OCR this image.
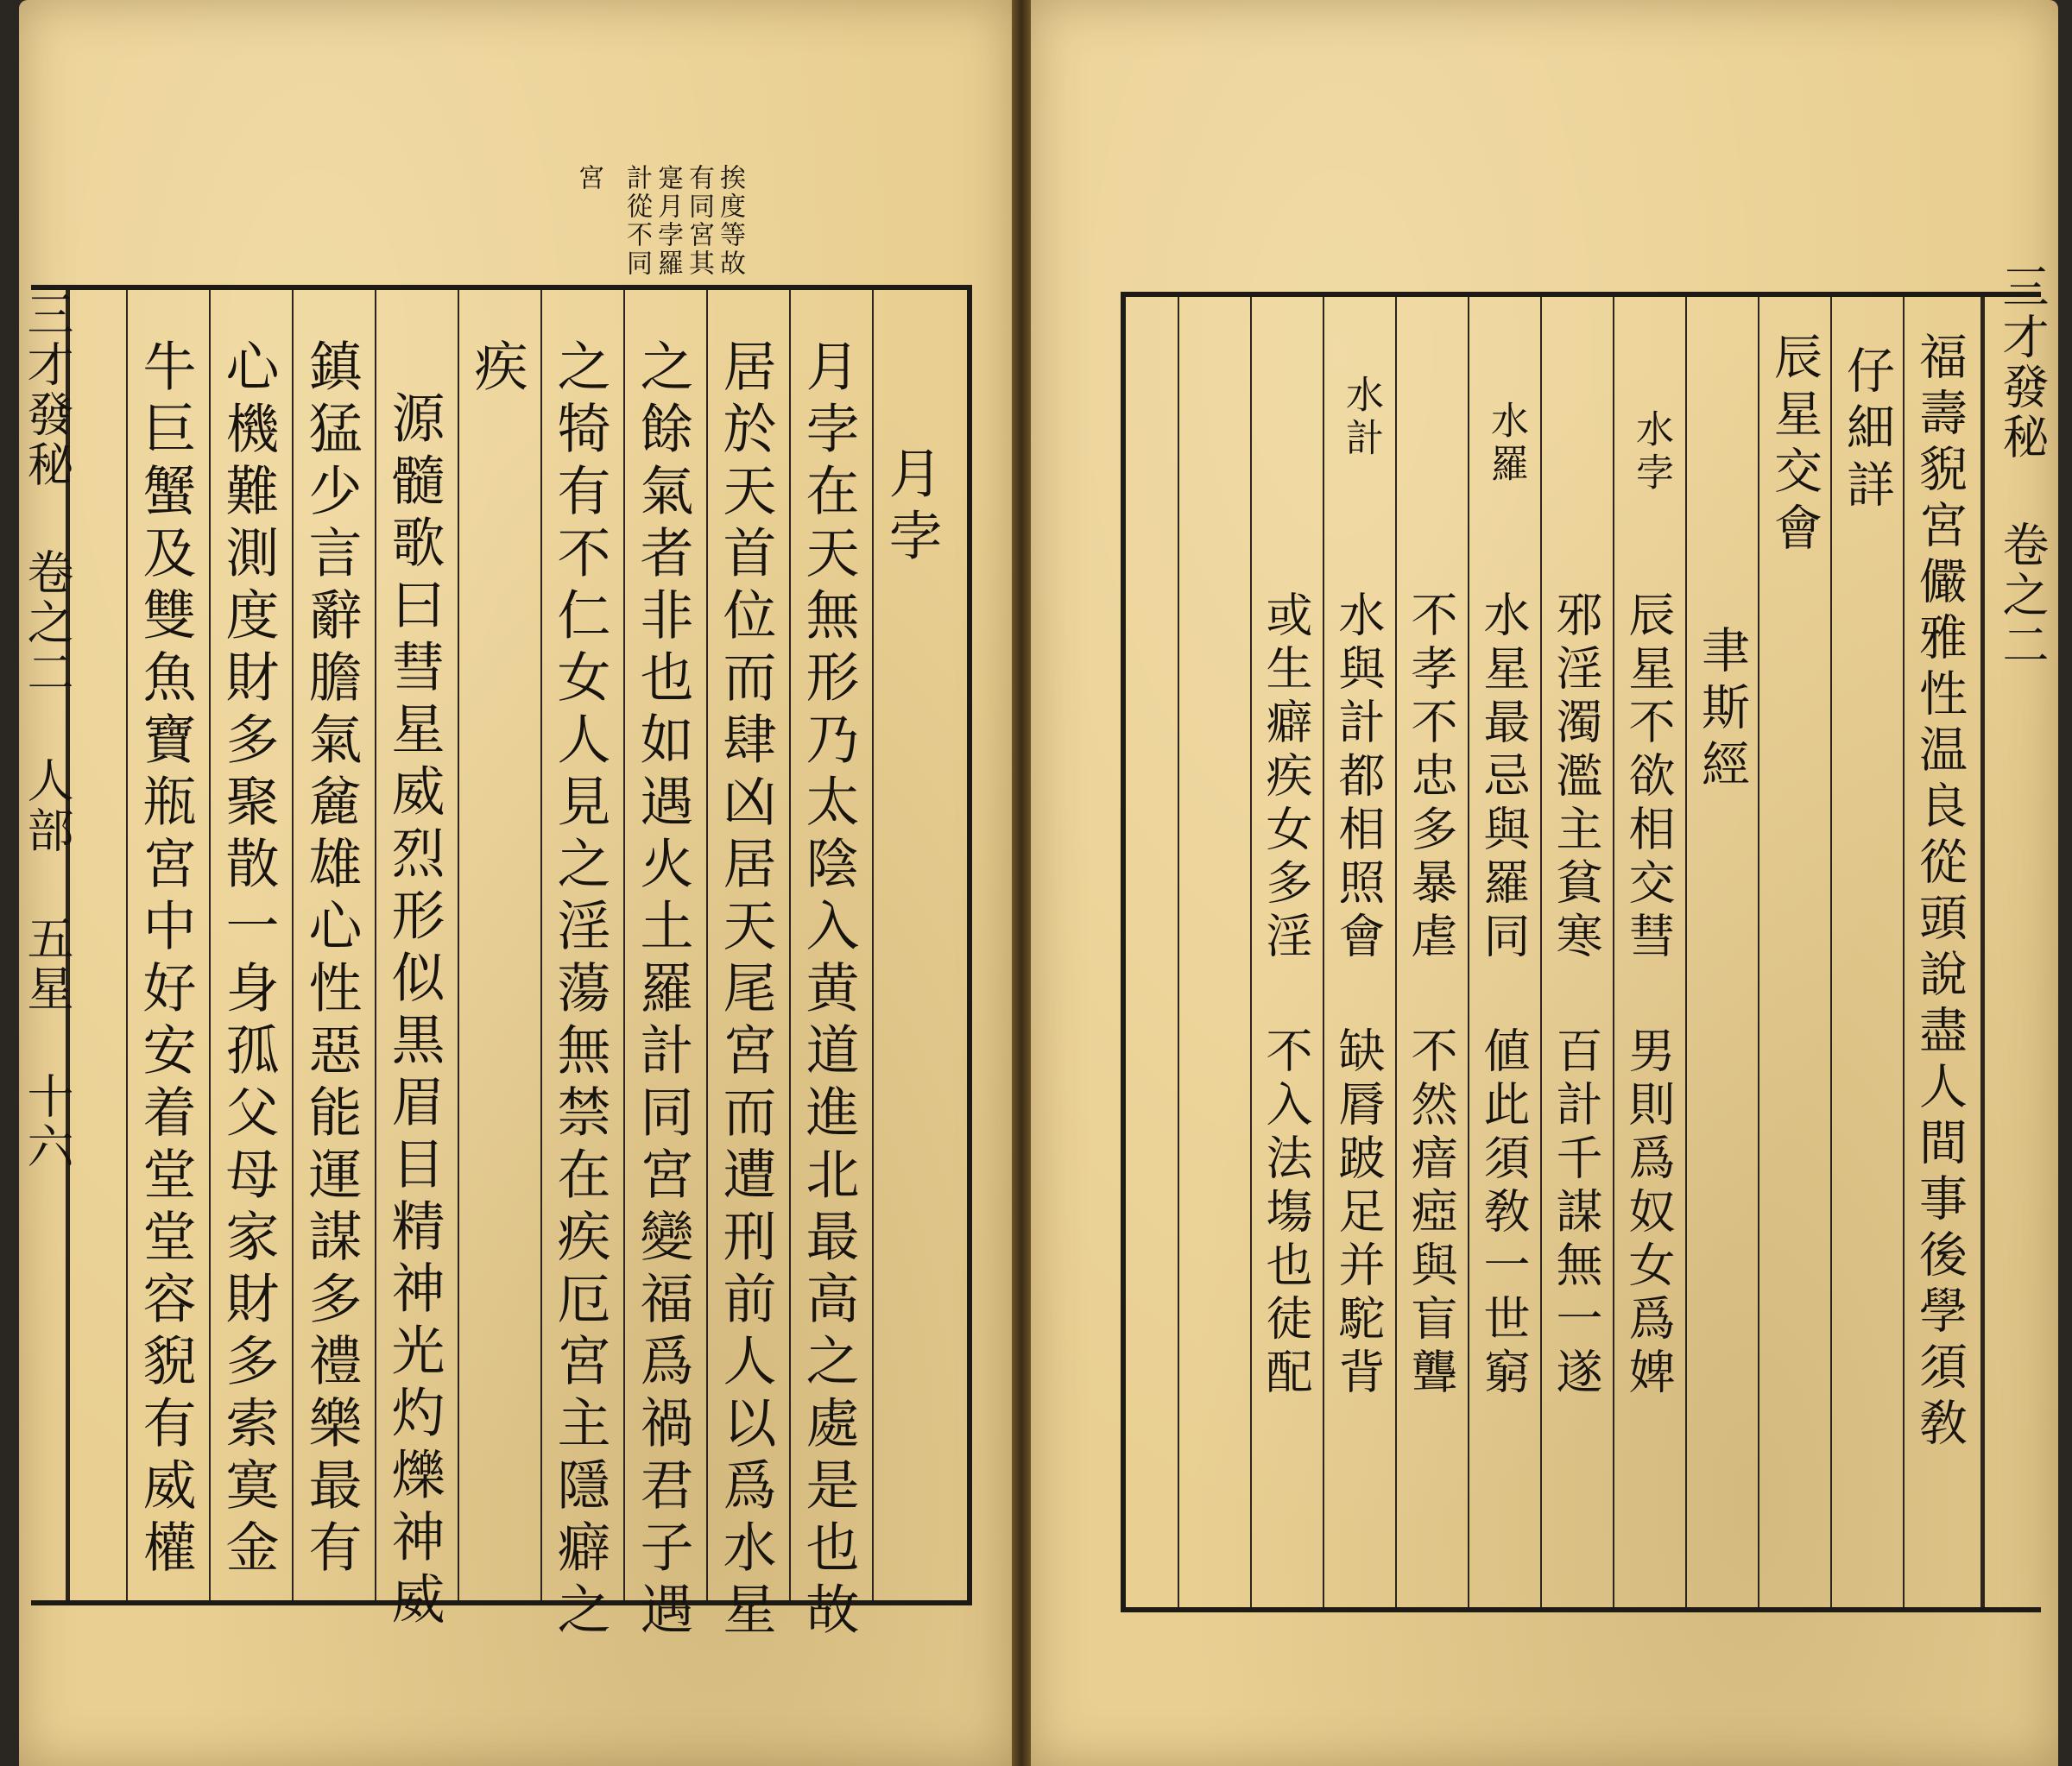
挨度等故
有同宮其
寔月孛羅
計從不同
宮
月孛
月孛在天無形乃太陰入黄道進北最高之處是也故
居於天首位而肆凶居天尾宮而遭刑前人以爲水星
之餘氣者非也如遇火土羅計同宮變福爲禍君子遇
之犄有不仁女人見之淫蕩無禁在疾厄宮主隱癖之
疾
源髓歌曰彗星威烈形似黒眉目精神光灼爍神威
鎮猛少言辭膽氣麄雄心性惡能運謀多禮樂最有
心機難測度財多聚散一身孤父母家財多索寞金
牛巨蟹及雙魚寶瓶宮中好安着堂堂容貎有威權
三才發秘 卷之二 人部 五星 十六	福壽貎宮儼雅性温良從頭說盡人間事後學須敎
仔細詳
辰星交會
聿斯經
水孛
辰星不欲相交彗 男則爲奴女爲婢
邪淫濁濫主貧寒 百計千謀無一遂
水羅
水星最忌與羅同 値此須敎一世窮
不孝不忠多暴虐 不然瘖瘂與盲聾
水計
水與計都相照會 缺脣跛足并駝背
或生癖疾女多淫 不入法塲也徒配
三才發秘 卷之二
